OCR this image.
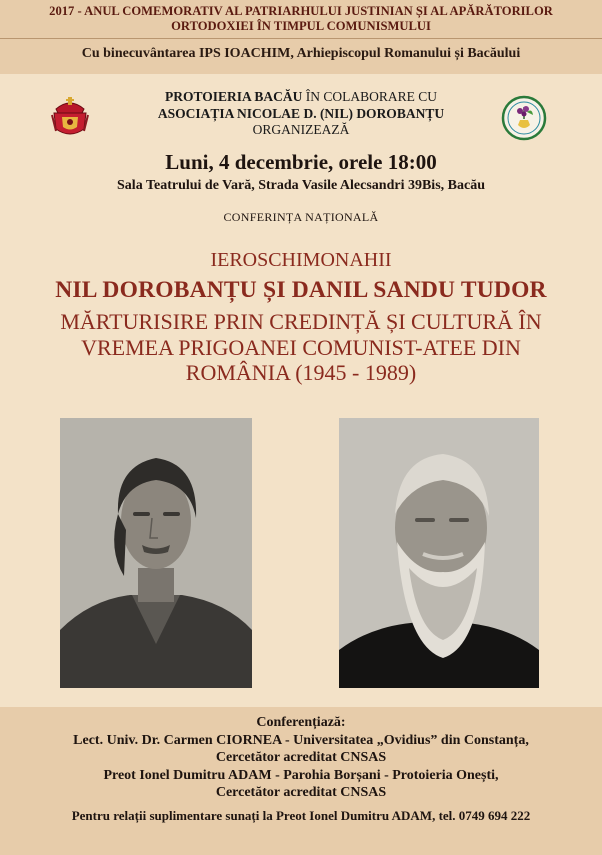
2017 - ANUL COMEMORATIV AL PATRIARHULUI JUSTINIAN ȘI AL APĂRĂTORILOR
ORTODOXIEI ÎN TIMPUL COMUNISMULUI
Cu binecuvântarea IPS IOACHIM, Arhiepiscopul Romanului și Bacăului
PROTOIERIA BACĂU ÎN COLABORARE CU
ASOCIAȚIA NICOLAE D. (NIL) DOROBANȚU
ORGANIZEAZĂ
Luni, 4 decembrie, orele 18:00
Sala Teatrului de Vară, Strada Vasile Alecsandri 39Bis, Bacău
CONFERINȚA NAȚIONALĂ
IEROSCHIMONAHII
NIL DOROBANȚU ȘI DANIL SANDU TUDOR
MĂRTURISIRE PRIN CREDINȚĂ ȘI CULTURĂ ÎN
VREMEA PRIGOANEI COMUNIST-ATEE DIN
ROMÂNIA (1945 - 1989)
Conferențiază:
Lect. Univ. Dr. Carmen CIORNEA - Universitatea „Ovidius” din Constanța,
Cercetător acreditat CNSAS
Preot Ionel Dumitru ADAM - Parohia Borșani - Protoieria Onești,
Cercetător acreditat CNSAS
Pentru relații suplimentare sunați la Preot Ionel Dumitru ADAM, tel. 0749 694 222
